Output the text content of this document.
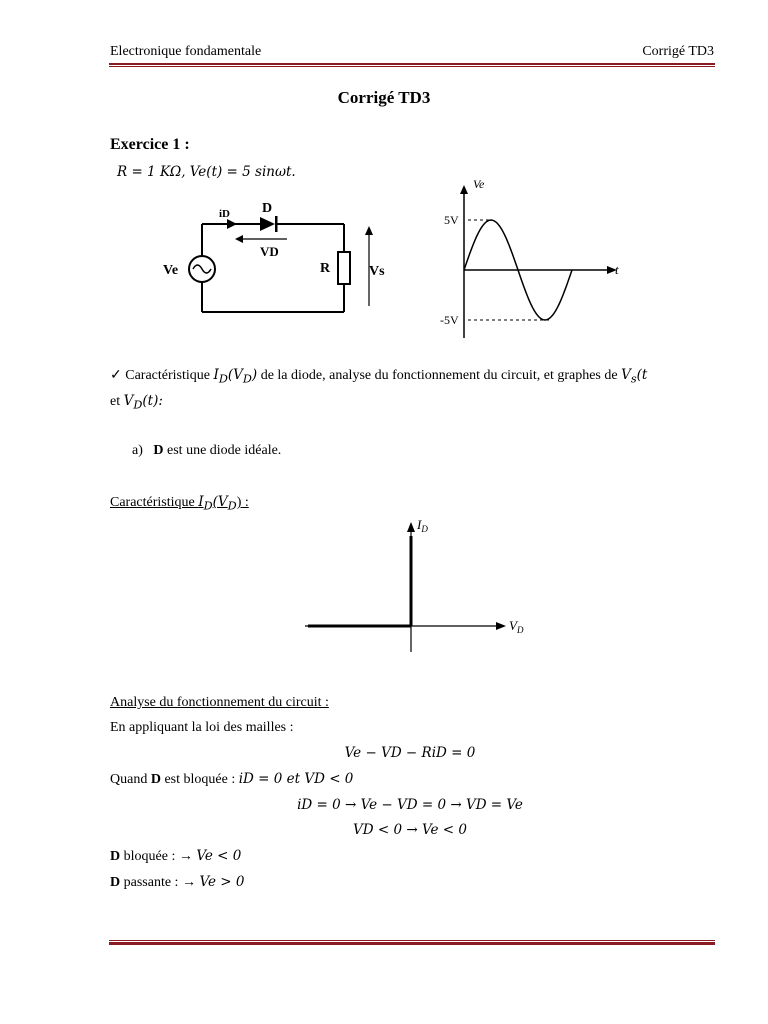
Electronique fondamentale	Corrigé TD3
Corrigé TD3
Exercice 1 :
R = 1 KΩ, Ve(t) = 5 sinωt.
iD D
VD
Ve	R	Vs
Ve
t
5V
-5V
✓ Caractéristique $I_D(V_D)$ de la diode, analyse du fonctionnement du circuit, et graphes de $V_s(t$
et $V_D(t)$:
a) D est une diode idéale.
Caractéristique $I_D(V_D)$ :
$I_D$
$V_D$
Analyse du fonctionnement du circuit :
En appliquant la loi des mailles :
Ve − VD − RiD = 0
Quand D est bloquée : iD = 0 et VD < 0
iD = 0 → Ve − VD = 0 → VD = Ve
VD < 0 → Ve < 0
D bloquée : → Ve < 0
D passante : → Ve > 0
